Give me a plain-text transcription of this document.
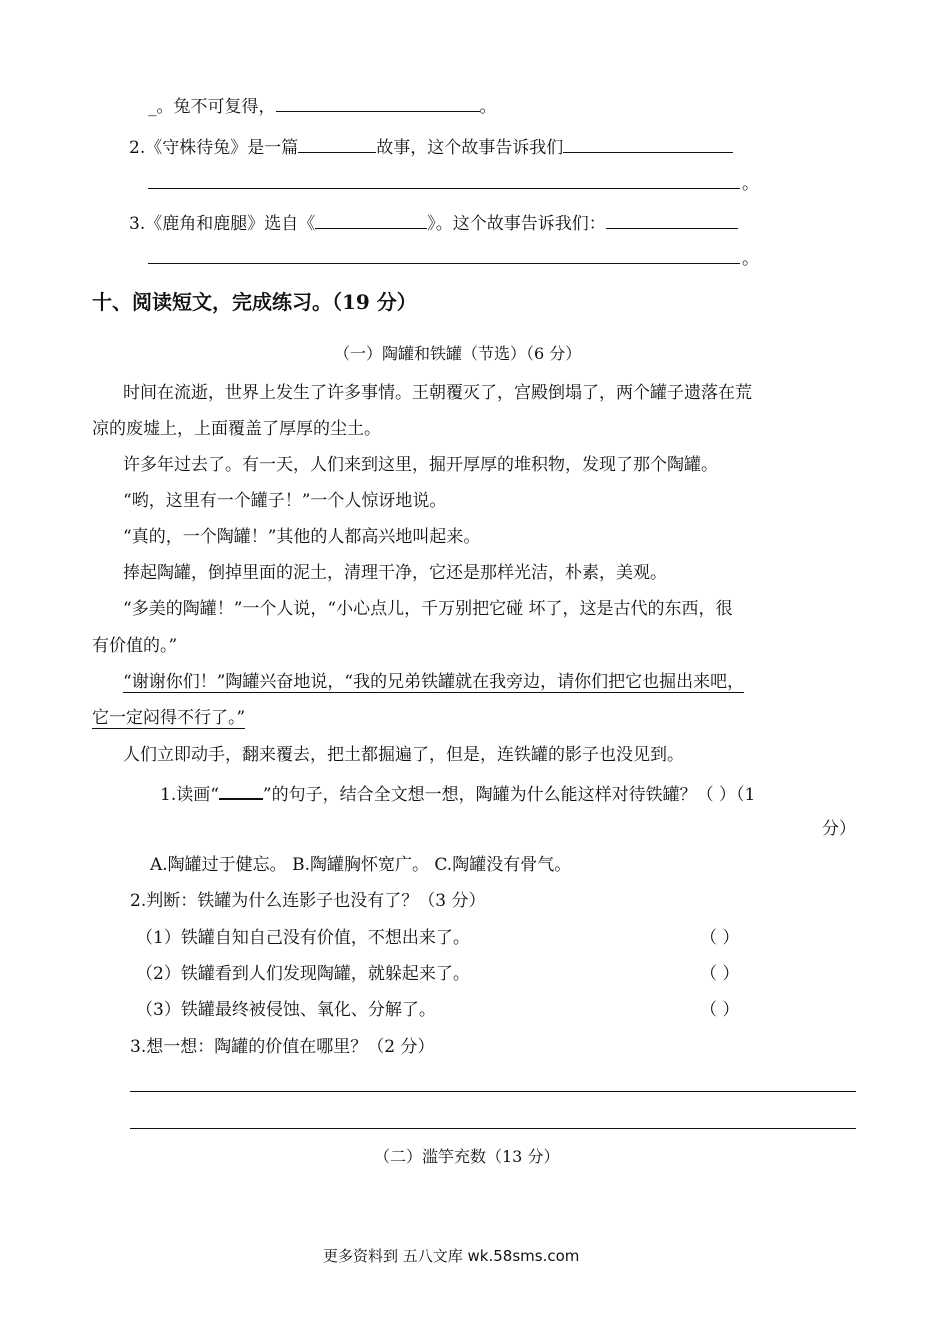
_。兔不可复得，	。
2.《守株待兔》是一篇	故事，这个故事告诉我们
。
3.《鹿角和鹿腿》选自《	》。这个故事告诉我们：
。
十、阅读短文，完成练习。（19 分）
（一）陶罐和铁罐（节选）（6 分）
时间在流逝，世界上发生了许多事情。王朝覆灭了，宫殿倒塌了，两个罐子遗落在荒
凉的废墟上，上面覆盖了厚厚的尘土。
许多年过去了。有一天，人们来到这里，掘开厚厚的堆积物，发现了那个陶罐。
“哟，这里有一个罐子！”一个人惊讶地说。
“真的，一个陶罐！”其他的人都高兴地叫起来。
捧起陶罐，倒掉里面的泥土，清理干净，它还是那样光洁，朴素，美观。
“多美的陶罐！”一个人说，“小心点儿，千万别把它碰 坏了，这是古代的东西，很
有价值的。”
“谢谢你们！”陶罐兴奋地说，“我的兄弟铁罐就在我旁边，请你们把它也掘出来吧，
它一定闷得不行了。”
人们立即动手，翻来覆去，把土都掘遍了，但是，连铁罐的影子也没见到。
1.读画“	”的句子，结合全文想一想，陶罐为什么能这样对待铁罐？（ ）（1
分）
A.陶罐过于健忘。 B.陶罐胸怀宽广。 C.陶罐没有骨气。
2.判断：铁罐为什么连影子也没有了？（3 分）
（1）铁罐自知自己没有价值，不想出来了。	（ ）
（2）铁罐看到人们发现陶罐，就躲起来了。	（ ）
（3）铁罐最终被侵蚀、氧化、分解了。	（ ）
3.想一想：陶罐的价值在哪里？（2 分）
（二）滥竽充数（13 分）
更多资料到 五八文库 wk.58sms.com
